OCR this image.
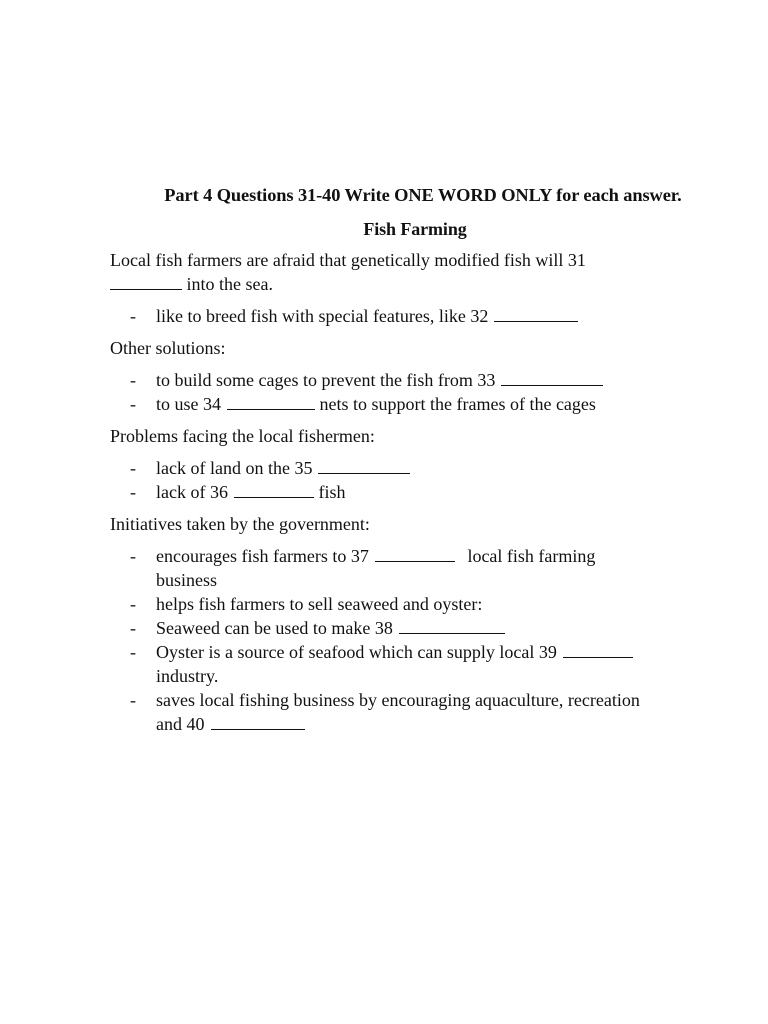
Part 4 Questions 31-40 Write ONE WORD ONLY for each answer.

Fish Farming

Local fish farmers are afraid that genetically modified fish will 31
into the sea.

- like to breed fish with special features, like 32

Other solutions:

- to build some cages to prevent the fish from 33
- to use 34	nets to support the frames of the cages

Problems facing the local fishermen:

- lack of land on the 35
- lack of 36	fish

Initiatives taken by the government:

- encourages fish farmers to 37	local fish farming
business
- helps fish farmers to sell seaweed and oyster:
- Seaweed can be used to make 38
- Oyster is a source of seafood which can supply local 39
industry.
- saves local fishing business by encouraging aquaculture, recreation
and 40
